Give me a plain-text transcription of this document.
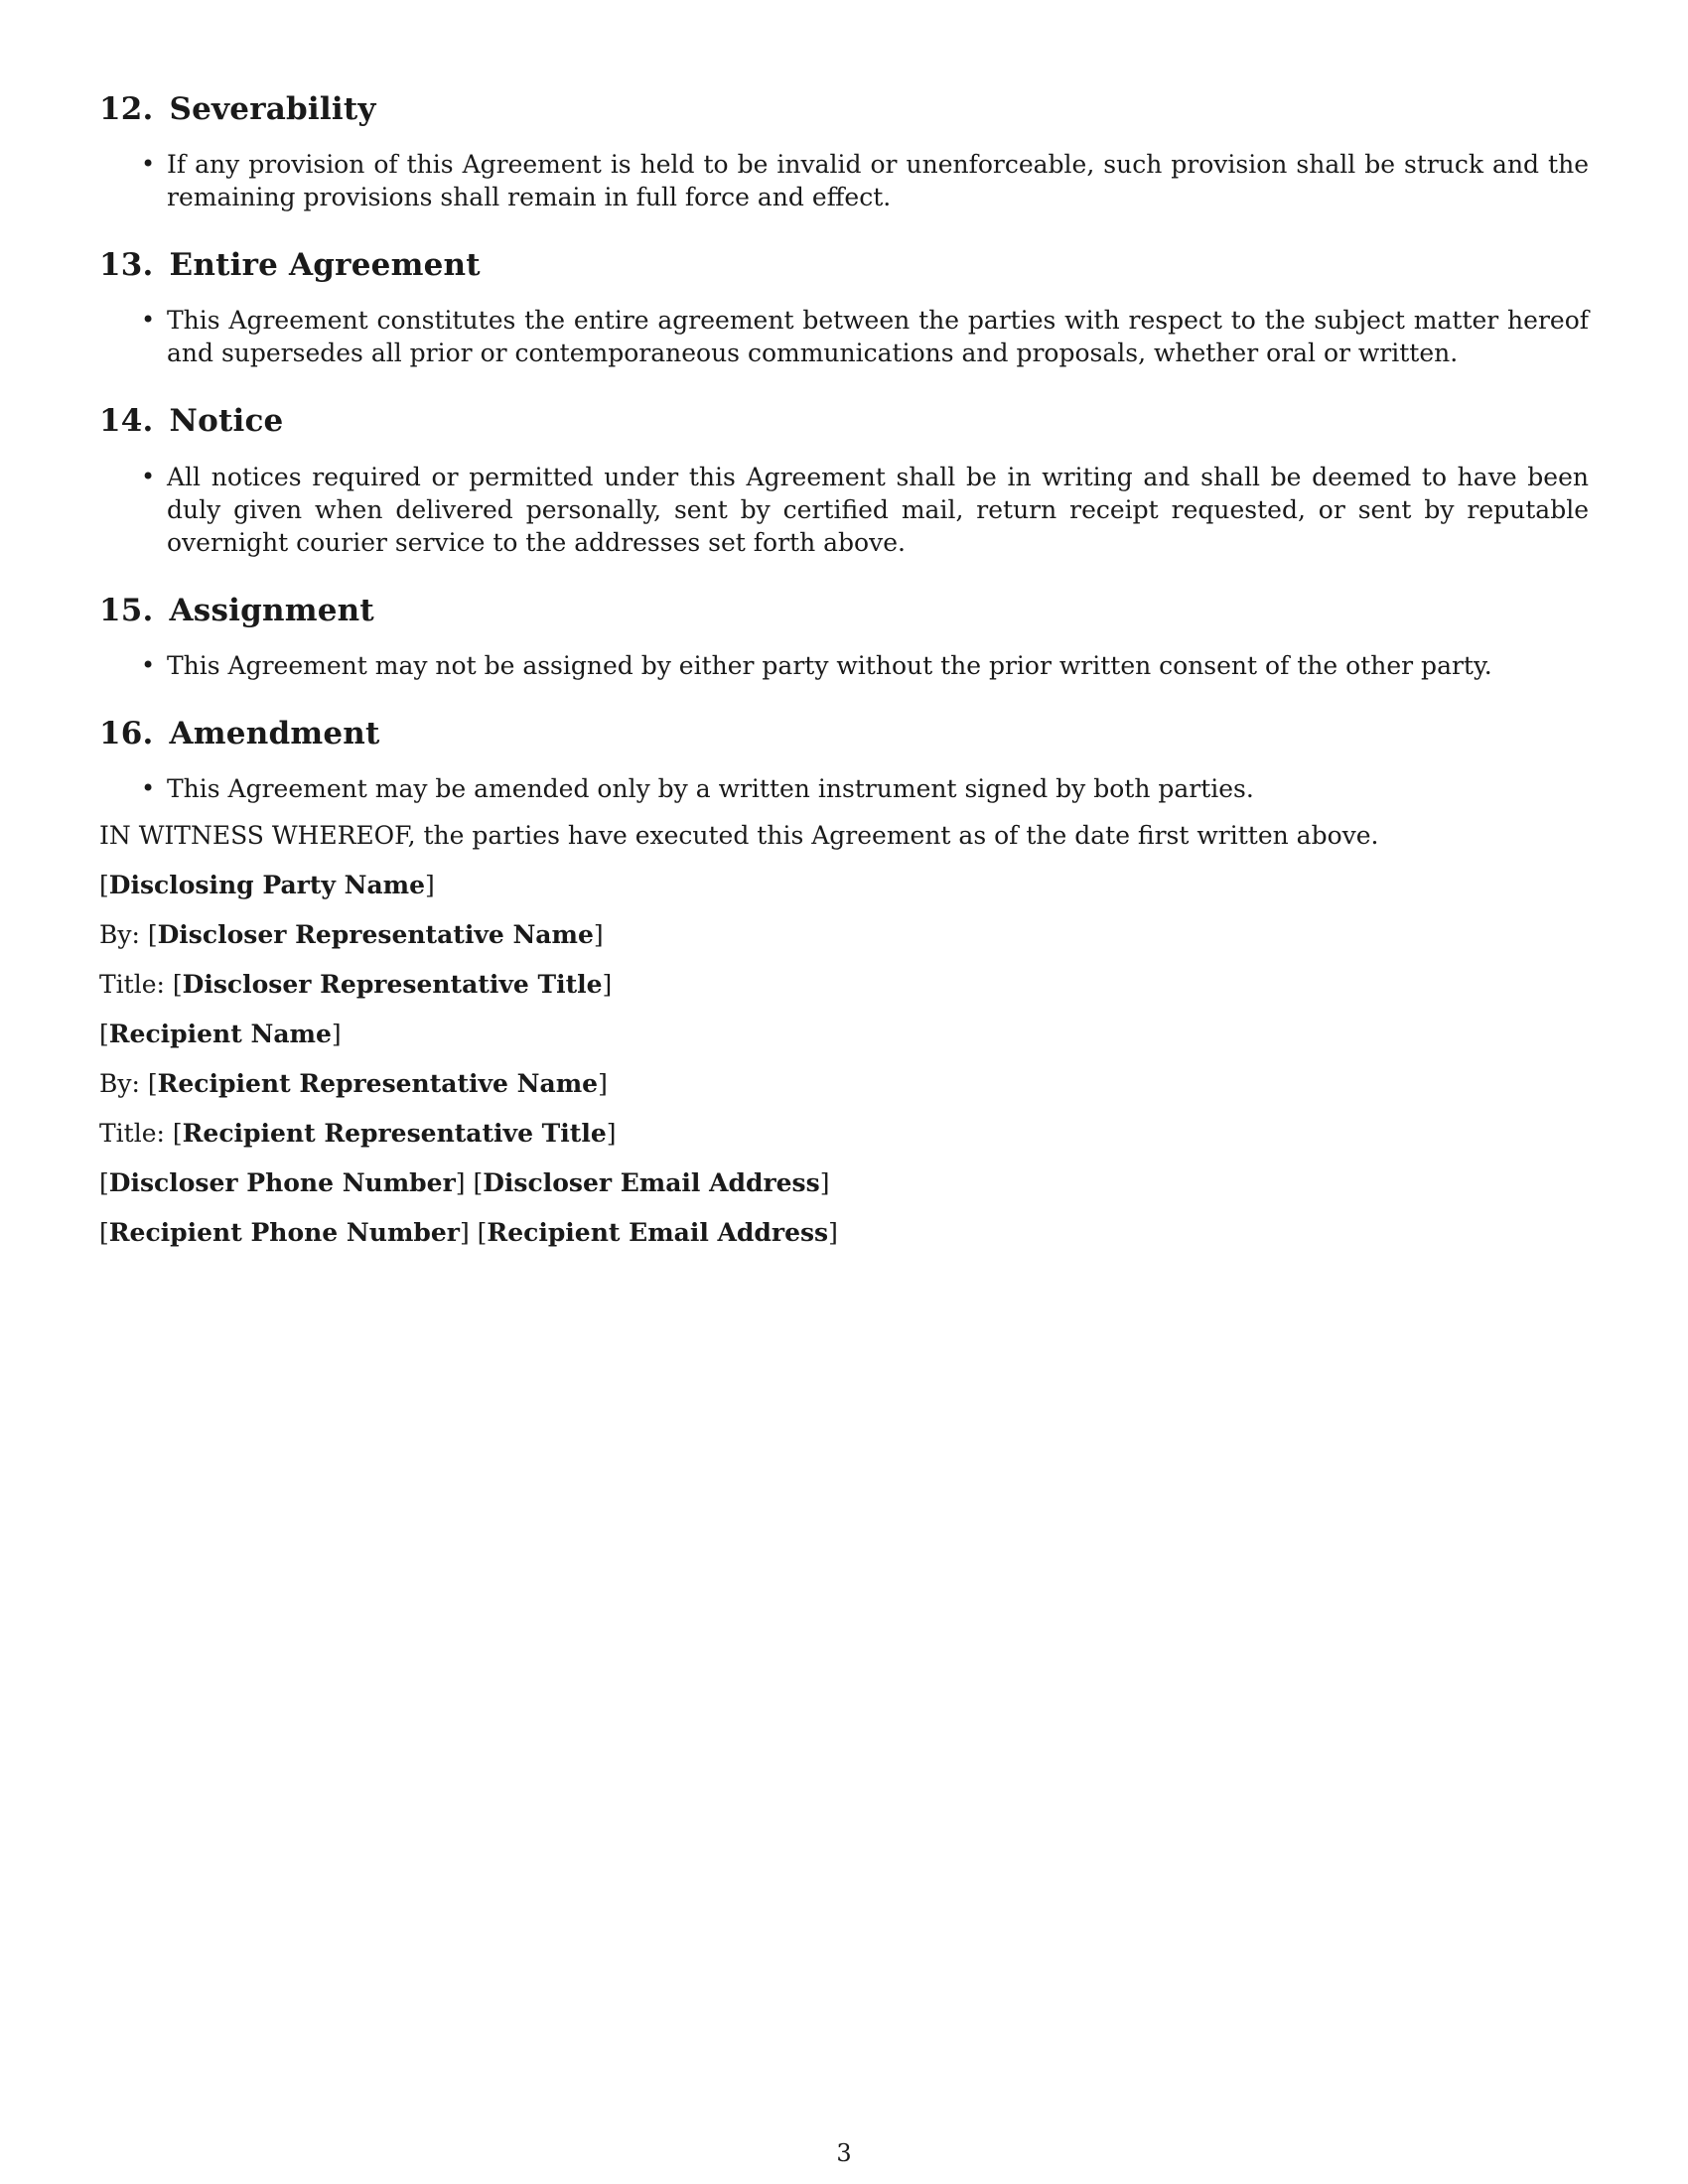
12. Severability
• If any provision of this Agreement is held to be invalid or unenforceable, such provision shall be struck and the remaining provisions shall remain in full force and effect.
13. Entire Agreement
• This Agreement constitutes the entire agreement between the parties with respect to the subject matter hereof and supersedes all prior or contemporaneous communications and proposals, whether oral or written.
14. Notice
• All notices required or permitted under this Agreement shall be in writing and shall be deemed to have been duly given when delivered personally, sent by certified mail, return receipt requested, or sent by reputable overnight courier service to the addresses set forth above.
15. Assignment
• This Agreement may not be assigned by either party without the prior written consent of the other party.
16. Amendment
• This Agreement may be amended only by a written instrument signed by both parties.

IN WITNESS WHEREOF, the parties have executed this Agreement as of the date first written above.

[Disclosing Party Name]

By: [Discloser Representative Name]

Title: [Discloser Representative Title]

[Recipient Name]

By: [Recipient Representative Name]

Title: [Recipient Representative Title]

[Discloser Phone Number] [Discloser Email Address]

[Recipient Phone Number] [Recipient Email Address]

3
